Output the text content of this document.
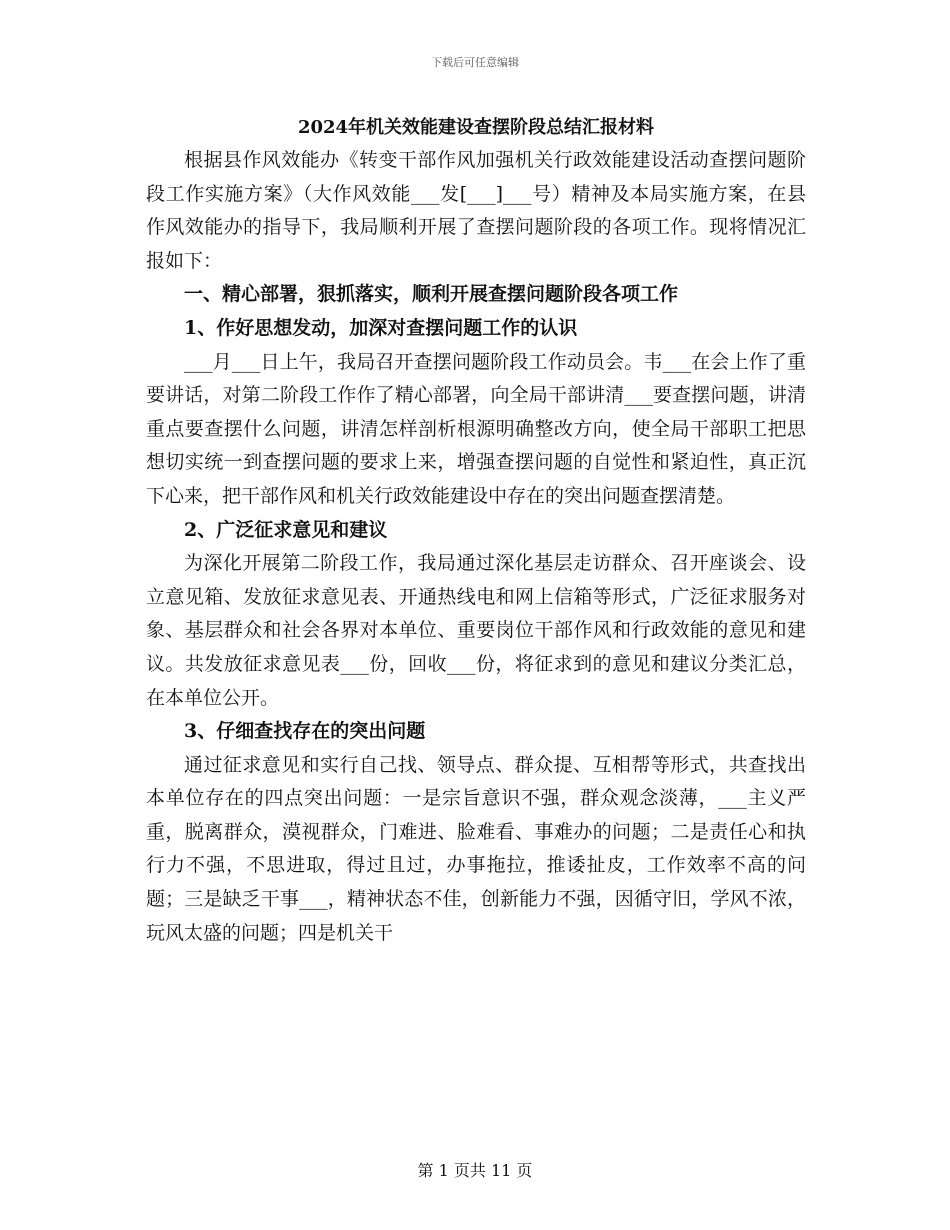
下载后可任意编辑
2024年机关效能建设查摆阶段总结汇报材料

根据县作风效能办《转变干部作风加强机关行政效能建设活动查摆问题阶段工作实施方案》（大作风效能___发[___]___号）精神及本局实施方案，在县作风效能办的指导下，我局顺利开展了查摆问题阶段的各项工作。现将情况汇报如下：

一、精心部署，狠抓落实，顺利开展查摆问题阶段各项工作

1、作好思想发动，加深对查摆问题工作的认识

___月___日上午，我局召开查摆问题阶段工作动员会。韦___在会上作了重要讲话，对第二阶段工作作了精心部署，向全局干部讲清___要查摆问题，讲清重点要查摆什么问题，讲清怎样剖析根源明确整改方向，使全局干部职工把思想切实统一到查摆问题的要求上来，增强查摆问题的自觉性和紧迫性，真正沉下心来，把干部作风和机关行政效能建设中存在的突出问题查摆清楚。

2、广泛征求意见和建议

为深化开展第二阶段工作，我局通过深化基层走访群众、召开座谈会、设立意见箱、发放征求意见表、开通热线电和网上信箱等形式，广泛征求服务对象、基层群众和社会各界对本单位、重要岗位干部作风和行政效能的意见和建议。共发放征求意见表___份，回收___份，将征求到的意见和建议分类汇总，在本单位公开。

3、仔细查找存在的突出问题

通过征求意见和实行自己找、领导点、群众提、互相帮等形式，共查找出本单位存在的四点突出问题：一是宗旨意识不强，群众观念淡薄，___主义严重，脱离群众，漠视群众，门难进、脸难看、事难办的问题；二是责任心和执行力不强，不思进取，得过且过，办事拖拉，推诿扯皮，工作效率不高的问题；三是缺乏干事___，精神状态不佳，创新能力不强，因循守旧，学风不浓，玩风太盛的问题；四是机关干

第 1 页共 11 页
